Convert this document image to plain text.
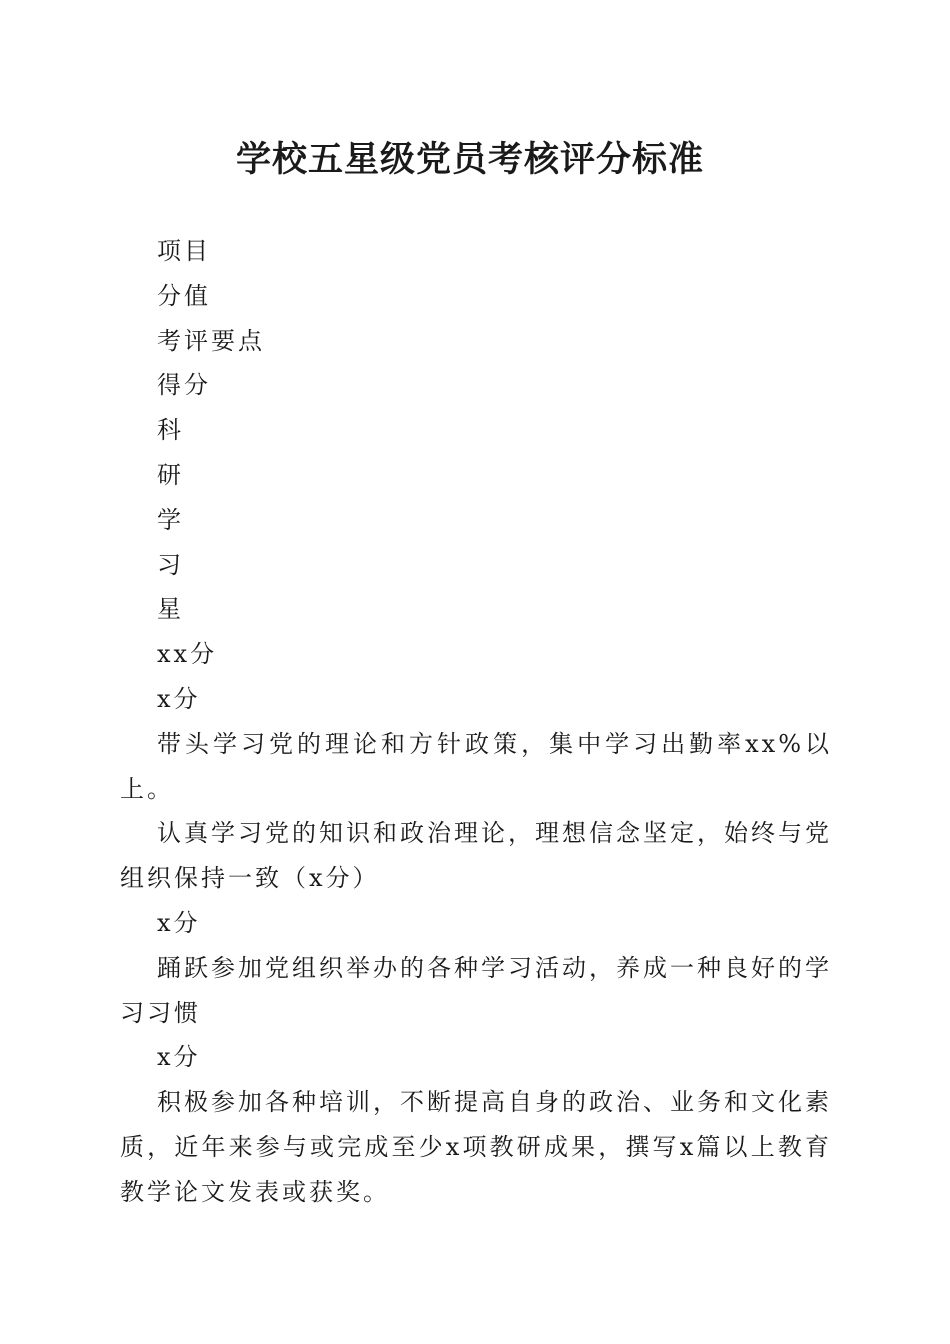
学校五星级党员考核评分标准

项目

分值

考评要点

得分

科

研

学

习

星

xx分

x分

带头学习党的理论和方针政策，集中学习出勤率xx%以上。

认真学习党的知识和政治理论，理想信念坚定，始终与党组织保持一致（x分）

x分

踊跃参加党组织举办的各种学习活动，养成一种良好的学习习惯

x分

积极参加各种培训，不断提高自身的政治、业务和文化素质，近年来参与或完成至少x项教研成果，撰写x篇以上教育教学论文发表或获奖。
